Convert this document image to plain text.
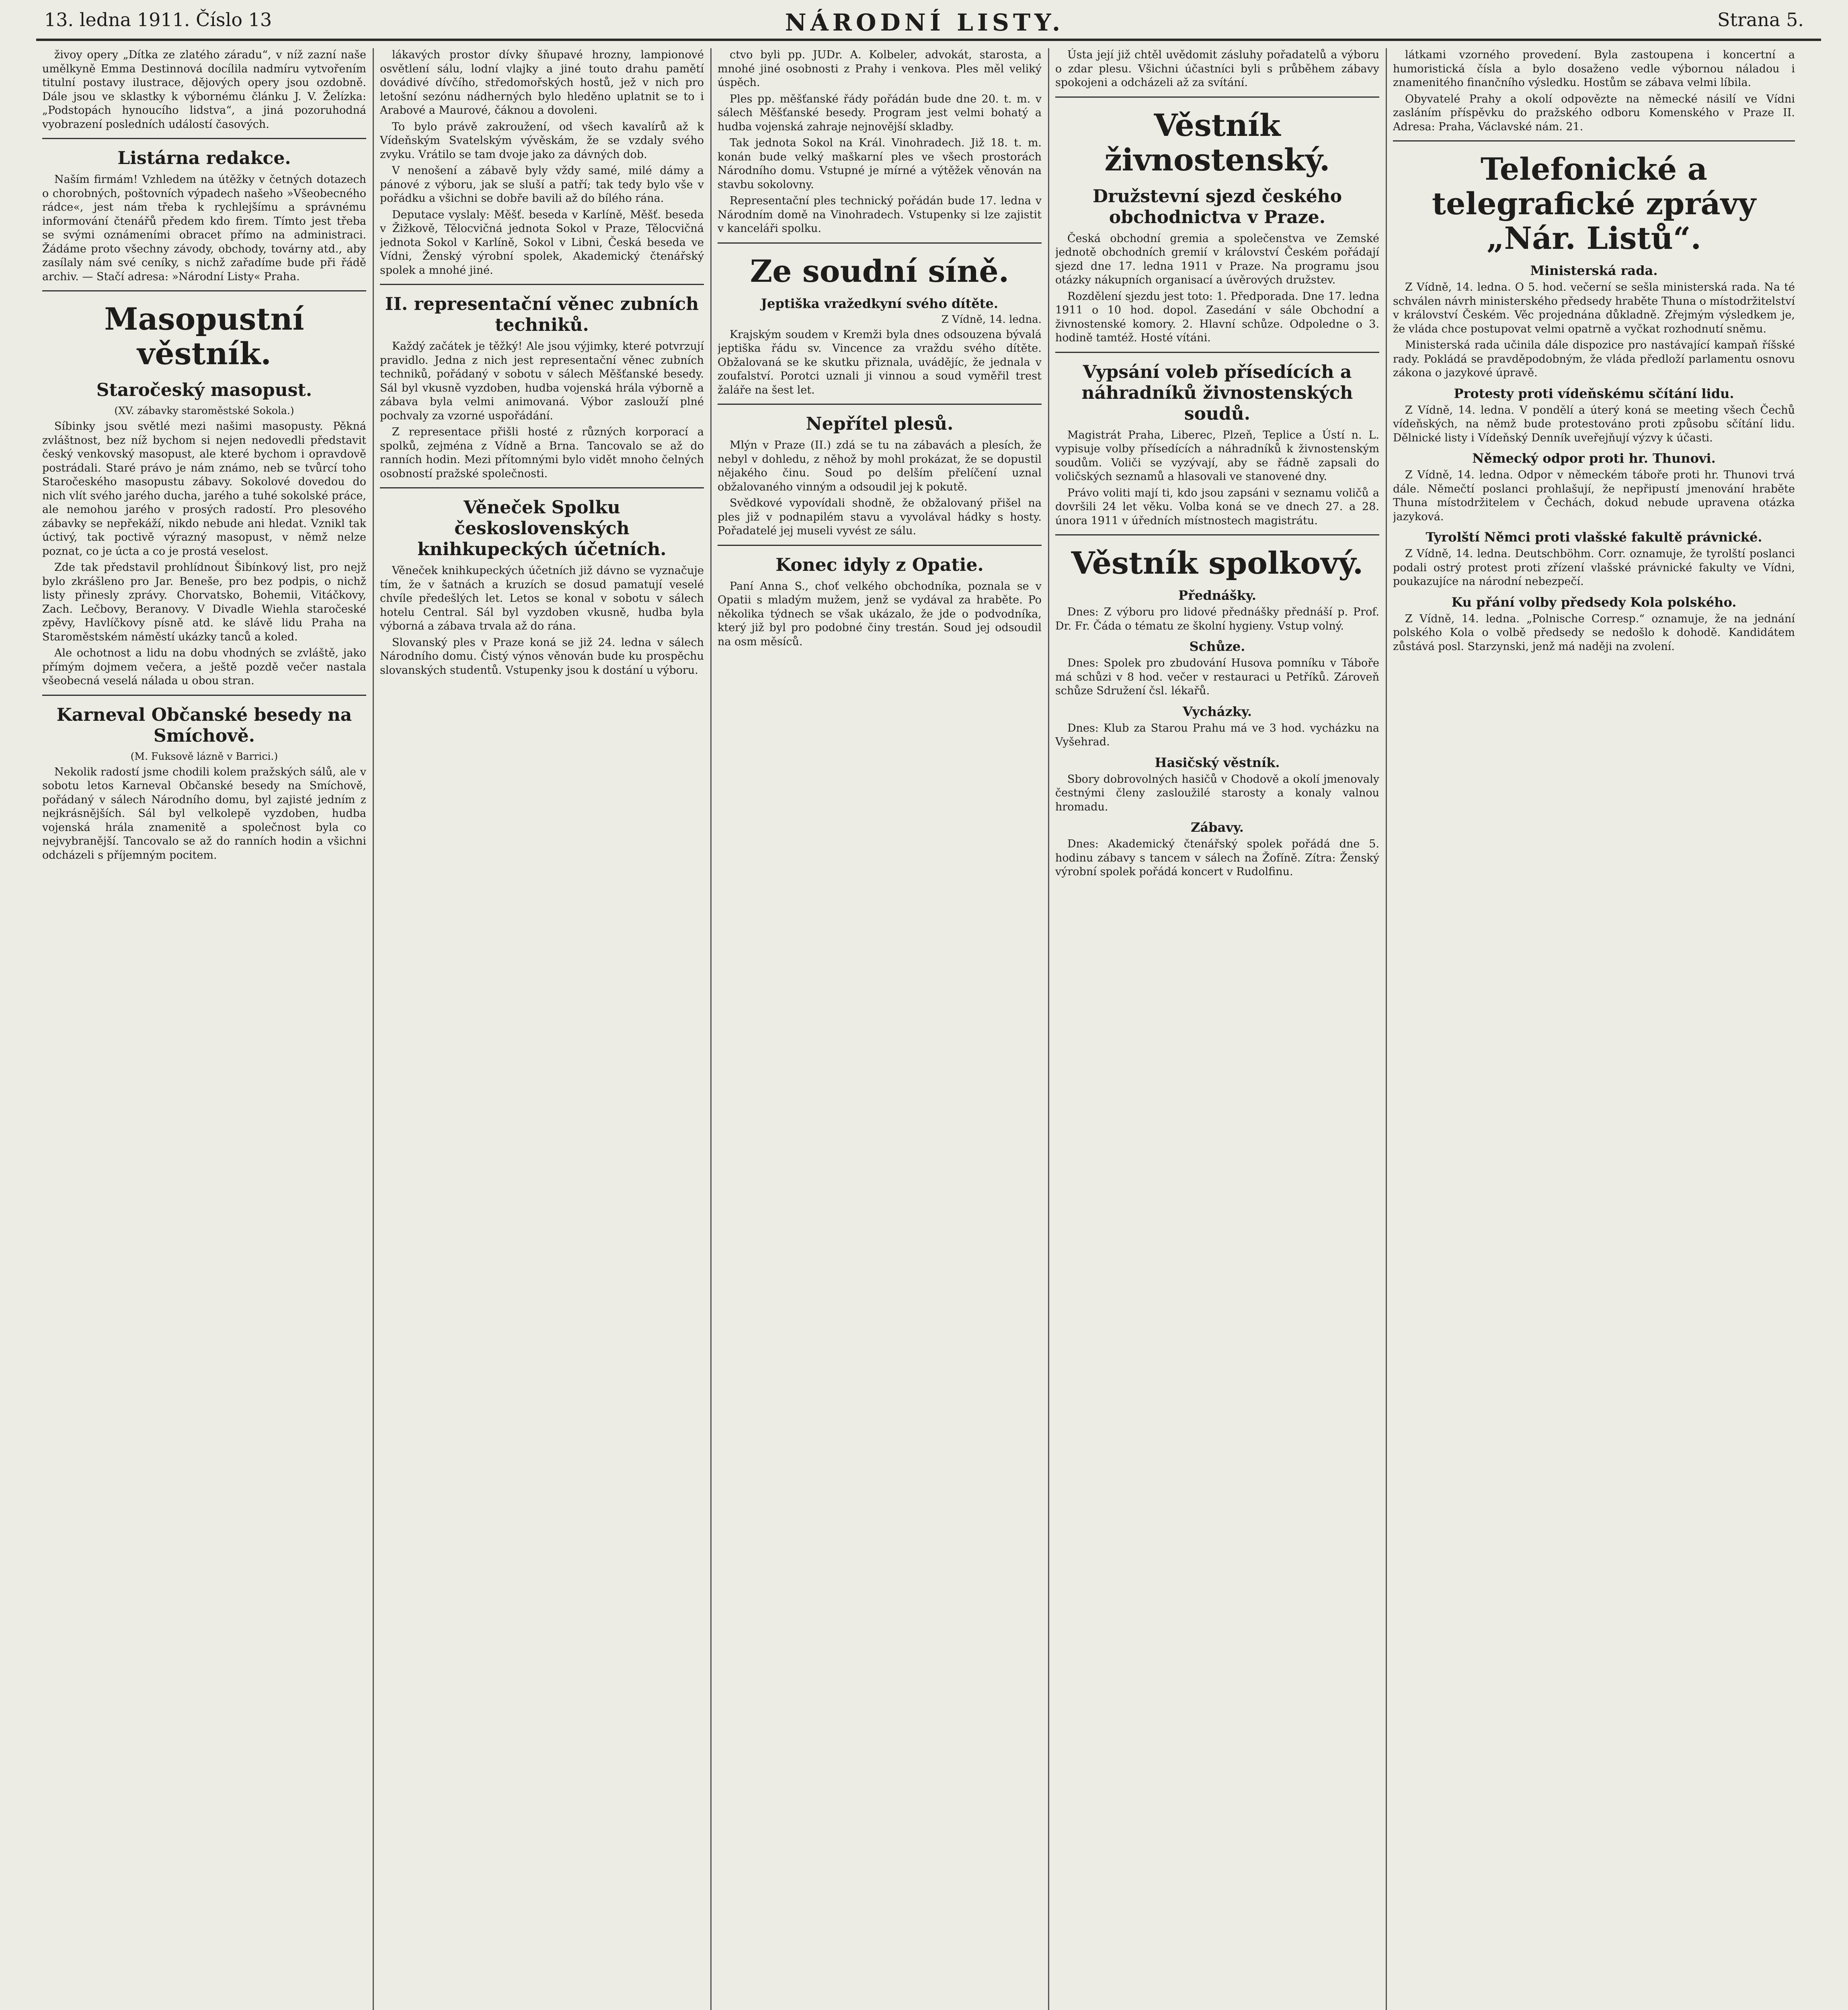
13. ledna 1911. Číslo 13	NÁRODNÍ LISTY.	Strana 5.

živoy opery „Dítka ze zlatého záradu“, v níž zazní naše umělkyně Emma Destinnová docílila nadmíru vytvořením titulní postavy ilustrace, dějových opery jsou ozdobně. Dále jsou ve sklastky k výbornému článku J. V. Želízka: „Podstopách hynoucího lidstva“, a jiná pozoruhodná vyobrazení posledních událostí časových.

Listárna redakce.

Naším firmám! Vzhledem na útěžky v četných dotazech o chorobných, poštovních výpadech našeho »Všeobecného rádce«, jest nám třeba k rychlejšímu a správnému informování čtenářů předem kdo firem. Tímto jest třeba se svými oznámeními obracet přímo na administraci. Žádáme proto všechny závody, obchody, továrny atd., aby zasílaly nám své ceníky, s nichž zařadíme bude při řádě archiv. — Stačí adresa: »Národní Listy« Praha.

Masopustní věstník.
Staročeský masopust.
(XV. zábavky staroměstské Sokola.)

Síbinky jsou světlé mezi našimi masopusty. Pěkná zvláštnost, bez níž bychom si nejen nedovedli představit český venkovský masopust, ale které bychom i opravdově postrádali. Staré právo je nám známo, neb se tvůrcí toho Staročeského masopustu zábavy. Sokolové dovedou do nich vlít svého jarého ducha, jarého a tuhé sokolské práce, ale nemohou jarého v prosých radostí. Pro plesového zábavky se nepřekáží, nikdo nebude ani hledat. Vznikl tak úctivý, tak poctivě výrazný masopust, v němž nelze poznat, co je úcta a co je prostá veselost.

Zde tak představil prohlídnout Šibínkový list, pro nejž bylo zkrášleno pro Jar. Beneše, pro bez podpis, o nichž listy přinesly zprávy. Chorvatsko, Bohemii, Vitáčkovy, Zach. Lečbovy, Beranovy. V Divadle Wiehla staročeské zpěvy, Havlíčkovy písně atd. ke slávě lidu Praha na Staroměstském náměstí ukázky tanců a koled.

Ale ochotnost a lidu na dobu vhodných se zvláště, jako přímým dojmem večera, a ještě pozdě večer nastala všeobecná veselá nálada u obou stran.

Karneval Občanské besedy na Smíchově.
(M. Fuksově lázně v Barrici.)

Nekolik radostí jsme chodili kolem pražských sálů, ale v sobotu letos Karneval Občanské besedy na Smíchově, pořádaný v sálech Národního domu, byl zajisté jedním z nejkrásnějších. Sál byl velkolepě vyzdoben, hudba vojenská hrála znamenitě a společnost byla co nejvybranější. Tancovalo se až do ranních hodin a všichni odcházeli s příjemným pocitem.

lákavých prostor dívky šňupavé hrozny, lampionové osvětlení sálu, lodní vlajky a jiné touto drahu pamětí dovádivé dívčího, středomořských hostů, jež v nich pro letošní sezónu nádherných bylo hleděno uplatnit se to i Arabové a Maurové, čáknou a dovoleni.

To bylo právě zakroužení, od všech kavalírů až k Vídeňským Svatelským vývěskám, že se vzdaly svého zvyku. Vrátilo se tam dvoje jako za dávných dob.

V nenošení a zábavě byly vždy samé, milé dámy a pánové z výboru, jak se sluší a patří; tak tedy bylo vše v pořádku a všichni se dobře bavili až do bílého rána.

Deputace vyslaly: Měšť. beseda v Karlíně, Měšť. beseda v Žižkově, Tělocvičná jednota Sokol v Praze, Tělocvičná jednota Sokol v Karlíně, Sokol v Libni, Česká beseda ve Vídni, Ženský výrobní spolek, Akademický čtenářský spolek a mnohé jiné.

II. representační věnec zubních techniků.

Každý začátek je těžký! Ale jsou výjimky, které potvrzují pravidlo. Jedna z nich jest representační věnec zubních techniků, pořádaný v sobotu v sálech Měšťanské besedy. Sál byl vkusně vyzdoben, hudba vojenská hrála výborně a zábava byla velmi animovaná. Výbor zaslouží plné pochvaly za vzorné uspořádání.

Z representace přišli hosté z různých korporací a spolků, zejména z Vídně a Brna. Tancovalo se až do ranních hodin. Mezi přítomnými bylo vidět mnoho čelných osobností pražské společnosti.

Věneček Spolku československých knihkupeckých účetních.

Věneček knihkupeckých účetních již dávno se vyznačuje tím, že v šatnách a kruzích se dosud pamatují veselé chvíle předešlých let. Letos se konal v sobotu v sálech hotelu Central. Sál byl vyzdoben vkusně, hudba byla výborná a zábava trvala až do rána.

Slovanský ples v Praze koná se již 24. ledna v sálech Národního domu. Čistý výnos věnován bude ku prospěchu slovanských studentů. Vstupenky jsou k dostání u výboru.

ctvo byli pp. JUDr. A. Kolbeler, advokát, starosta, a mnohé jiné osobnosti z Prahy i venkova. Ples měl veliký úspěch.

Ples pp. měšťanské řády pořádán bude dne 20. t. m. v sálech Měšťanské besedy. Program jest velmi bohatý a hudba vojenská zahraje nejnovější skladby.

Tak jednota Sokol na Král. Vinohradech. Již 18. t. m. konán bude velký maškarní ples ve všech prostorách Národního domu. Vstupné je mírné a výtěžek věnován na stavbu sokolovny.

Representační ples technický pořádán bude 17. ledna v Národním domě na Vinohradech. Vstupenky si lze zajistit v kanceláři spolku.

Ze soudní síně.
Jeptiška vražedkyní svého dítěte.
Z Vídně, 14. ledna.

Krajským soudem v Kremži byla dnes odsouzena bývalá jeptiška řádu sv. Vincence za vraždu svého dítěte. Obžalovaná se ke skutku přiznala, uvádějíc, že jednala v zoufalství. Porotci uznali ji vinnou a soud vyměřil trest žaláře na šest let.

Nepřítel plesů.

Mlýn v Praze (II.) zdá se tu na zábavách a plesích, že nebyl v dohledu, z něhož by mohl prokázat, že se dopustil nějakého činu. Soud po delším přelíčení uznal obžalovaného vinným a odsoudil jej k pokutě.

Svědkové vypovídali shodně, že obžalovaný přišel na ples již v podnapilém stavu a vyvolával hádky s hosty. Pořadatelé jej museli vyvést ze sálu.

Konec idyly z Opatie.

Paní Anna S., choť velkého obchodníka, poznala se v Opatii s mladým mužem, jenž se vydával za hraběte. Po několika týdnech se však ukázalo, že jde o podvodníka, který již byl pro podobné činy trestán. Soud jej odsoudil na osm měsíců.

Ústa její již chtěl uvědomit zásluhy pořadatelů a výboru o zdar plesu. Všichni účastníci byli s průběhem zábavy spokojeni a odcházeli až za svítání.

Věstník živnostenský.
Družstevní sjezd českého obchodnictva v Praze.

Česká obchodní gremia a společenstva ve Zemské jednotě obchodních gremií v království Českém pořádají sjezd dne 17. ledna 1911 v Praze. Na programu jsou otázky nákupních organisací a úvěrových družstev.

Rozdělení sjezdu jest toto: 1. Předporada. Dne 17. ledna 1911 o 10 hod. dopol. Zasedání v sále Obchodní a živnostenské komory. 2. Hlavní schůze. Odpoledne o 3. hodině tamtéž. Hosté vítáni.

Vypsání voleb přísedících a náhradníků živnostenských soudů.

Magistrát Praha, Liberec, Plzeň, Teplice a Ústí n. L. vypisuje volby přísedících a náhradníků k živnostenským soudům. Voliči se vyzývají, aby se řádně zapsali do voličských seznamů a hlasovali ve stanovené dny.

Právo voliti mají ti, kdo jsou zapsáni v seznamu voličů a dovršili 24 let věku. Volba koná se ve dnech 27. a 28. února 1911 v úředních místnostech magistrátu.

Věstník spolkový.
Přednášky.

Dnes: Z výboru pro lidové přednášky přednáší p. Prof. Dr. Fr. Čáda o tématu ze školní hygieny. Vstup volný.

Schůze.

Dnes: Spolek pro zbudování Husova pomníku v Táboře má schůzi v 8 hod. večer v restauraci u Petříků. Zároveň schůze Sdružení čsl. lékařů.

Vycházky.

Dnes: Klub za Starou Prahu má ve 3 hod. vycházku na Vyšehrad.

Hasičský věstník.

Sbory dobrovolných hasičů v Chodově a okolí jmenovaly čestnými členy zasloužilé starosty a konaly valnou hromadu.

Zábavy.

Dnes: Akademický čtenářský spolek pořádá dne 5. hodinu zábavy s tancem v sálech na Žofíně. Zítra: Ženský výrobní spolek pořádá koncert v Rudolfinu.

látkami vzorného provedení. Byla zastoupena i koncertní a humoristická čísla a bylo dosaženo vedle výbornou náladou i znamenitého finančního výsledku. Hostům se zábava velmi líbila.

Obyvatelé Prahy a okolí odpovězte na německé násilí ve Vídni zasláním příspěvku do pražského odboru Komenského v Praze II. Adresa: Praha, Václavské nám. 21.

Telefonické a telegrafické zprávy „Nár. Listů“.
Ministerská rada.

Z Vídně, 14. ledna. O 5. hod. večerní se sešla ministerská rada. Na té schválen návrh ministerského předsedy hraběte Thuna o místodržitelství v království Českém. Věc projednána důkladně. Zřejmým výsledkem je, že vláda chce postupovat velmi opatrně a vyčkat rozhodnutí sněmu.

Ministerská rada učinila dále dispozice pro nastávající kampaň říšské rady. Pokládá se pravděpodobným, že vláda předloží parlamentu osnovu zákona o jazykové úpravě.

Protesty proti vídeňskému sčítání lidu.

Z Vídně, 14. ledna. V pondělí a úterý koná se meeting všech Čechů vídeňských, na němž bude protestováno proti způsobu sčítání lidu. Dělnické listy i Vídeňský Denník uveřejňují výzvy k účasti.

Německý odpor proti hr. Thunovi.

Z Vídně, 14. ledna. Odpor v německém táboře proti hr. Thunovi trvá dále. Němečtí poslanci prohlašují, že nepřipustí jmenování hraběte Thuna místodržitelem v Čechách, dokud nebude upravena otázka jazyková.

Tyrolští Němci proti vlašské fakultě právnické.

Z Vídně, 14. ledna. Deutschböhm. Corr. oznamuje, že tyrolští poslanci podali ostrý protest proti zřízení vlašské právnické fakulty ve Vídni, poukazujíce na národní nebezpečí.

Ku přání volby předsedy Kola polského.

Z Vídně, 14. ledna. „Polnische Corresp.“ oznamuje, že na jednání polského Kola o volbě předsedy se nedošlo k dohodě. Kandidátem zůstává posl. Starzynski, jenž má naději na zvolení.
